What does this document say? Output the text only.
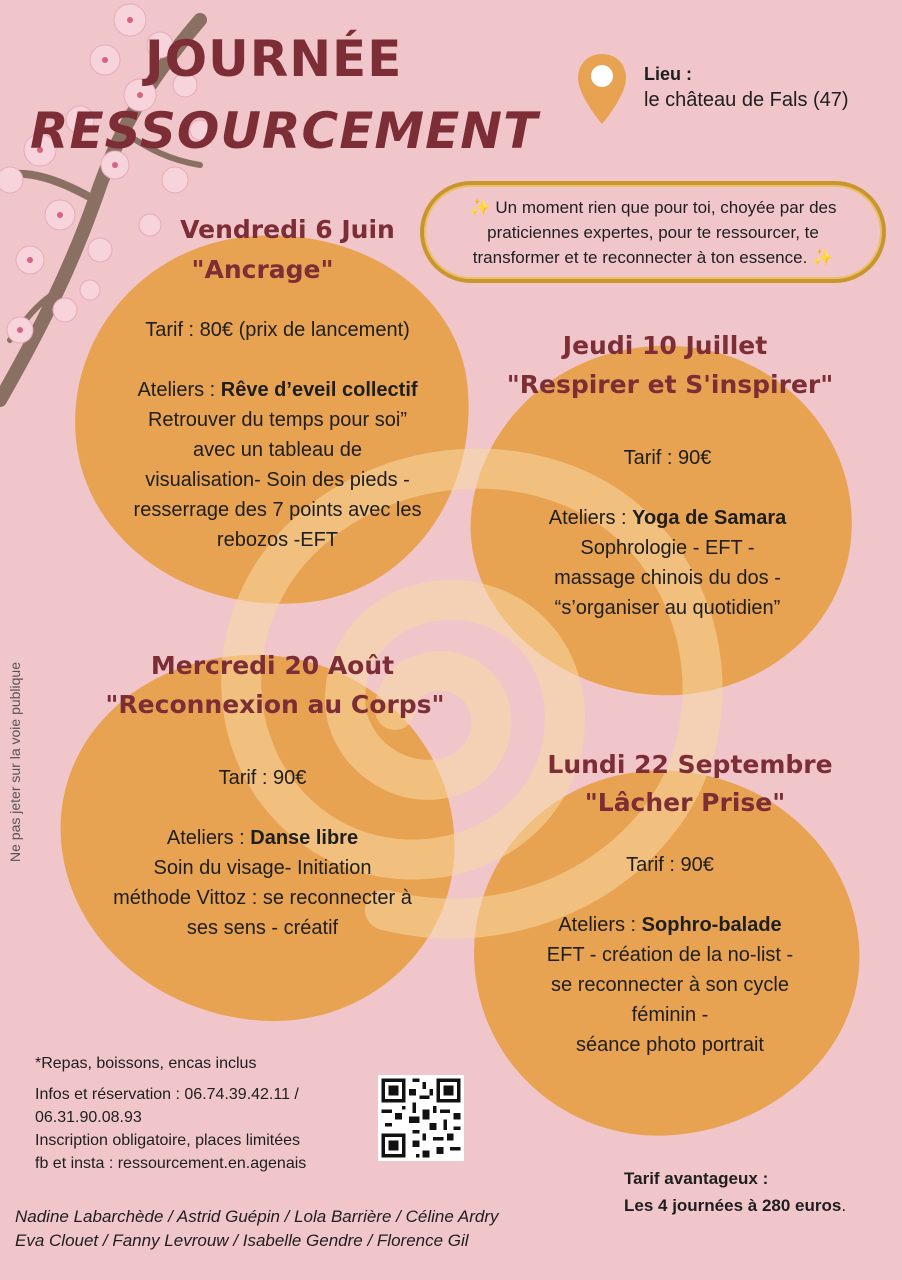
JOURNÉE
RESSOURCEMENT
Lieu :
le château de Fals (47)
✨ Un moment rien que pour toi, choyée par des praticiennes expertes, pour te ressourcer, te transformer et te reconnecter à ton essence. ✨
Vendredi 6 Juin
"Ancrage"

Tarif : 80€ (prix de lancement)

Ateliers : Rêve d’eveil collectif

Retrouver du temps pour soi”

avec un tableau de

visualisation- Soin des pieds -

resserrage des 7 points avec les

rebozos -EFT

Jeudi 10 Juillet
"Respirer et S'inspirer"

Tarif : 90€

Ateliers : Yoga de Samara

Sophrologie - EFT -

massage chinois du dos -

“s’organiser au quotidien”

Mercredi 20 Août
"Reconnexion au Corps"

Tarif : 90€

Ateliers : Danse libre

Soin du visage- Initiation

méthode Vittoz : se reconnecter à

ses sens - créatif

Lundi 22 Septembre
"Lâcher Prise"

Tarif : 90€

Ateliers : Sophro-balade

EFT - création de la no-list -

se reconnecter à son cycle

féminin -

séance photo portrait

*Repas, boissons, encas inclus

Infos et réservation : 06.74.39.42.11 /

06.31.90.08.93

Inscription obligatoire, places limitées

fb et insta : ressourcement.en.agenais

Tarif avantageux :
Les 4 journées à 280 euros.
Nadine Labarchède / Astrid Guépin / Lola Barrière / Céline Ardry
Eva Clouet / Fanny Levrouw / Isabelle Gendre / Florence Gil
Ne pas jeter sur la voie publique
